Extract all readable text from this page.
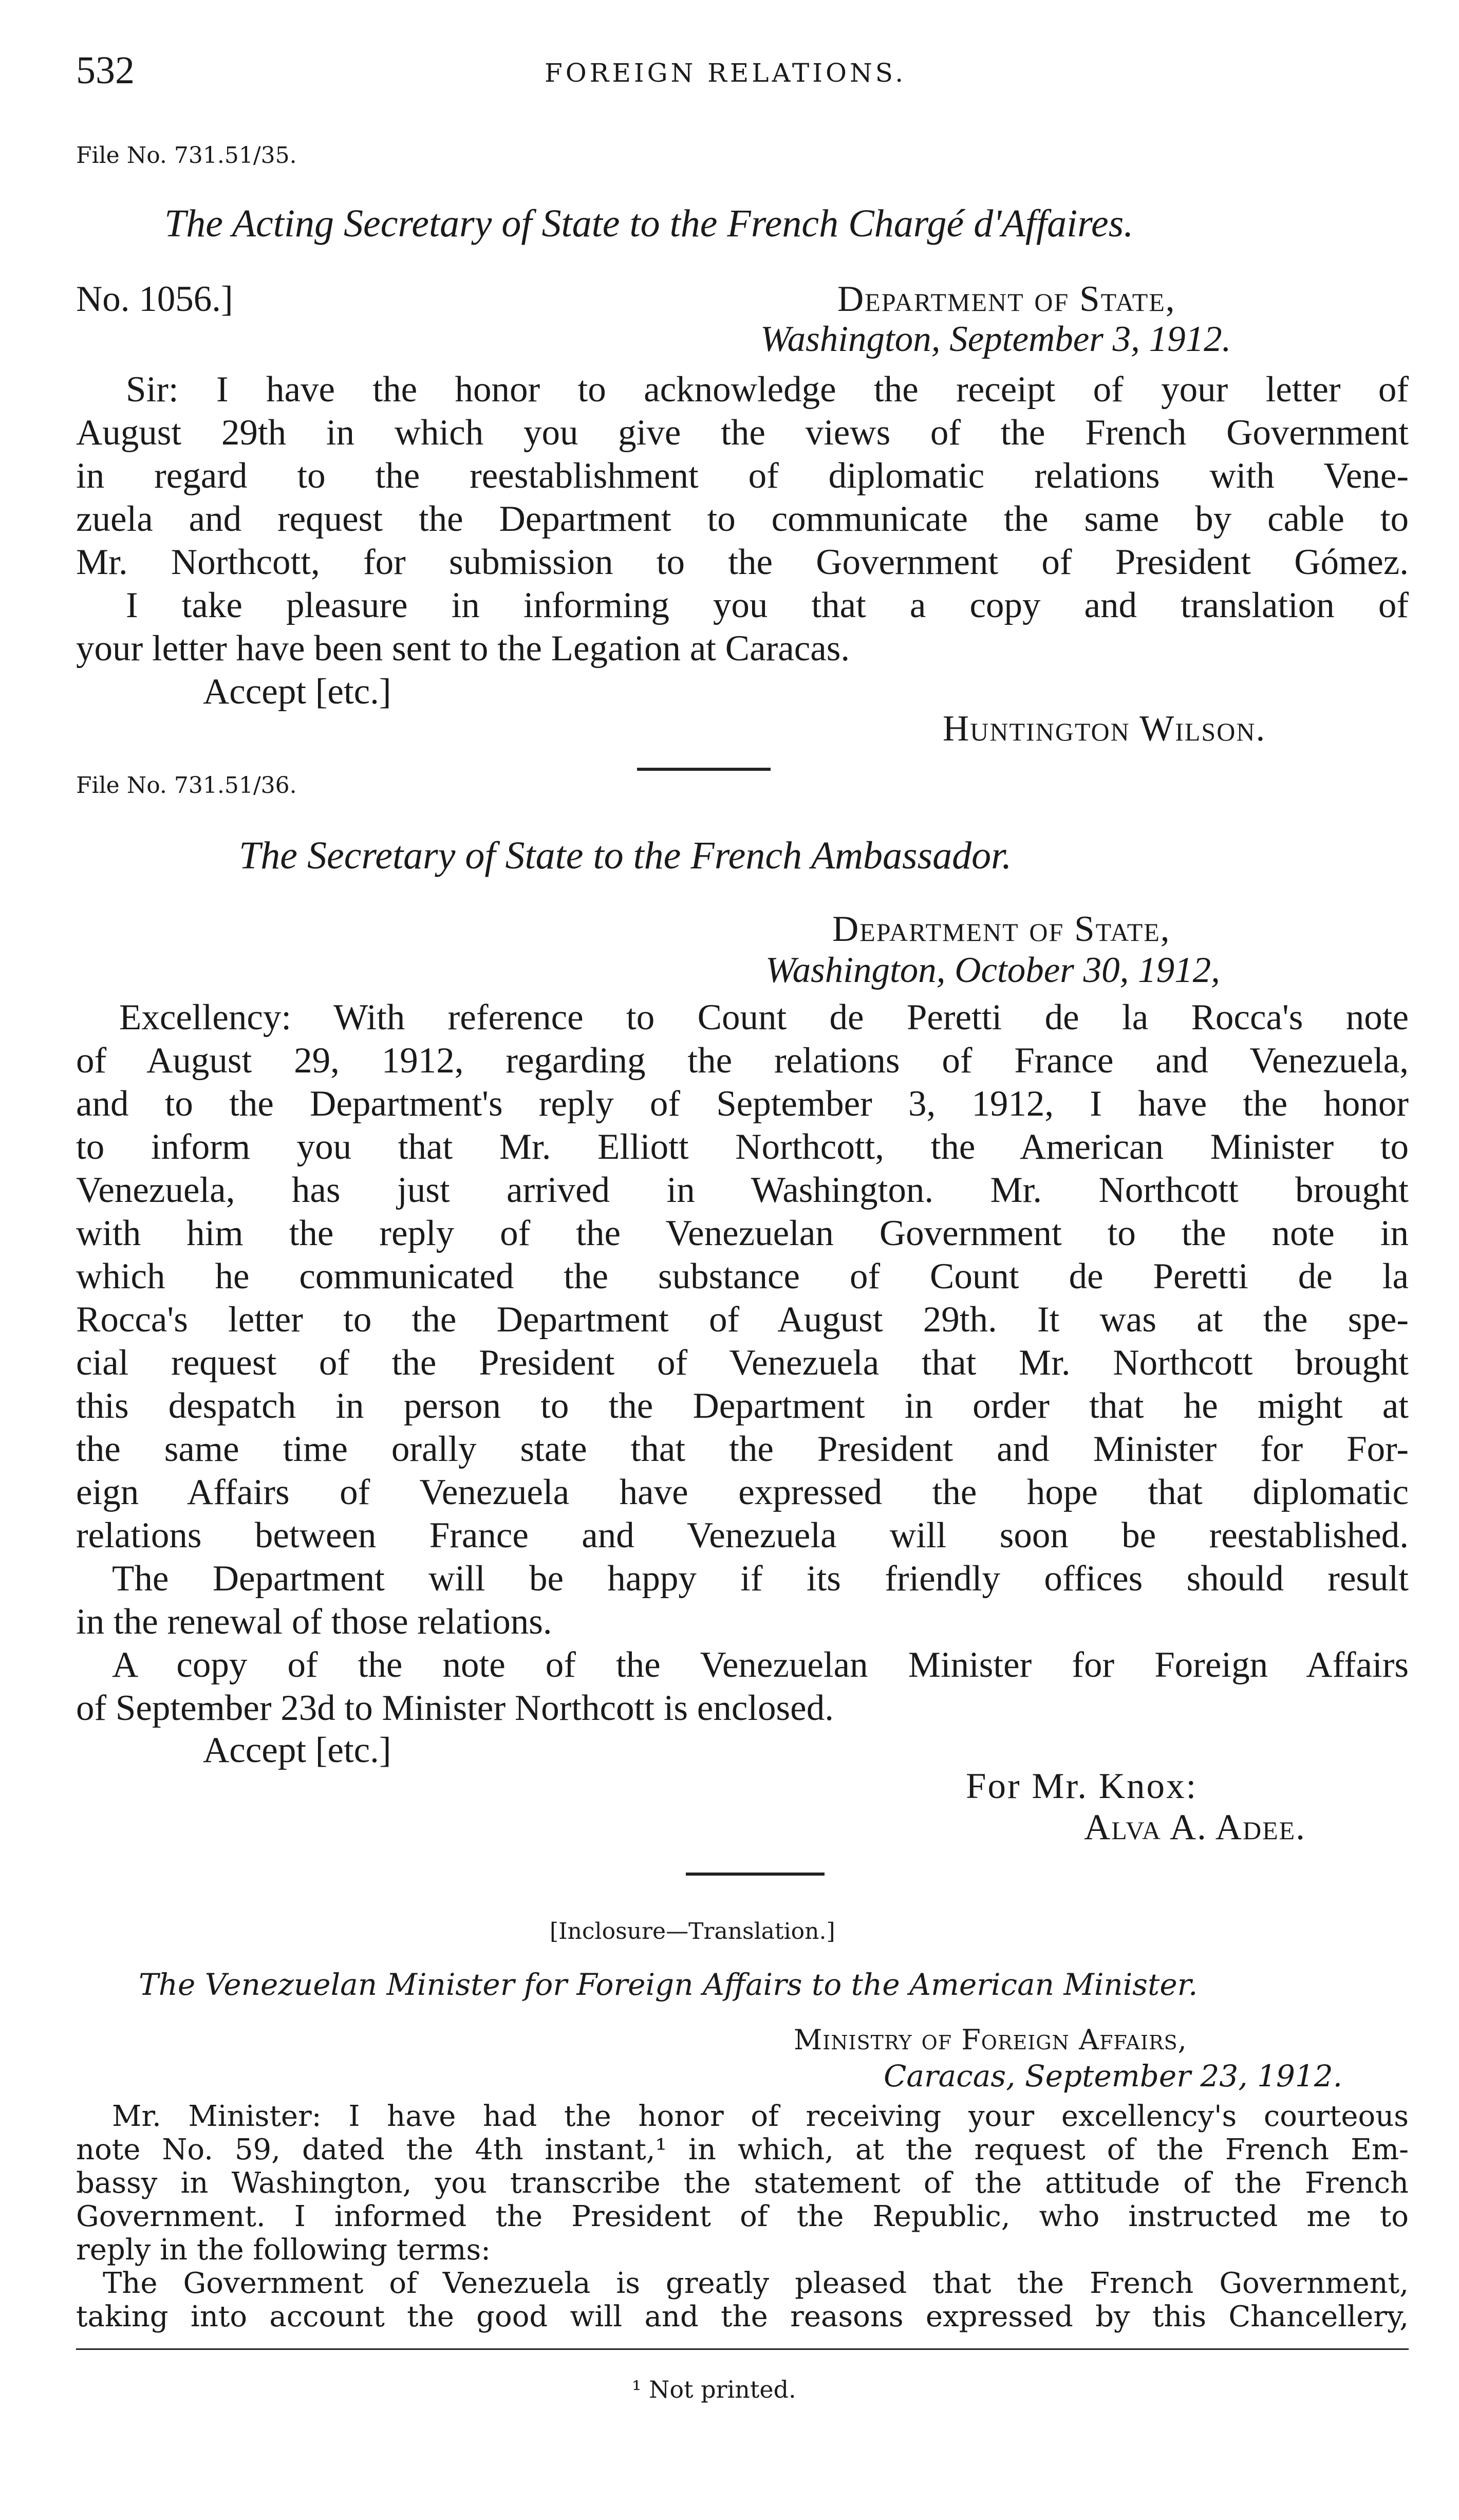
532	FOREIGN RELATIONS.
File No. 731.51/35.
The Acting Secretary of State to the French Chargé d'Affaires.
No. 1056.]	Department of State,
Washington, September 3, 1912.
Sir: I have the honor to acknowledge the receipt of your letter of
August 29th in which you give the views of the French Government
in regard to the reestablishment of diplomatic relations with Vene-
zuela and request the Department to communicate the same by cable to
Mr. Northcott, for submission to the Government of President Gómez.
I take pleasure in informing you that a copy and translation of
your letter have been sent to the Legation at Caracas.
Accept [etc.]
Huntington Wilson.
File No. 731.51/36.
The Secretary of State to the French Ambassador.
Department of State,
Washington, October 30, 1912,
Excellency: With reference to Count de Peretti de la Rocca's note
of August 29, 1912, regarding the relations of France and Venezuela,
and to the Department's reply of September 3, 1912, I have the honor
to inform you that Mr. Elliott Northcott, the American Minister to
Venezuela, has just arrived in Washington. Mr. Northcott brought
with him the reply of the Venezuelan Government to the note in
which he communicated the substance of Count de Peretti de la
Rocca's letter to the Department of August 29th. It was at the spe-
cial request of the President of Venezuela that Mr. Northcott brought
this despatch in person to the Department in order that he might at
the same time orally state that the President and Minister for For-
eign Affairs of Venezuela have expressed the hope that diplomatic
relations between France and Venezuela will soon be reestablished.
The Department will be happy if its friendly offices should result
in the renewal of those relations.
A copy of the note of the Venezuelan Minister for Foreign Affairs
of September 23d to Minister Northcott is enclosed.
Accept [etc.]
For Mr. Knox:
Alva A. Adee.
[Inclosure—Translation.]
The Venezuelan Minister for Foreign Affairs to the American Minister.
Ministry of Foreign Affairs,
Caracas, September 23, 1912.
Mr. Minister: I have had the honor of receiving your excellency's courteous
note No. 59, dated the 4th instant,¹ in which, at the request of the French Em-
bassy in Washington, you transcribe the statement of the attitude of the French
Government. I informed the President of the Republic, who instructed me to
reply in the following terms:
The Government of Venezuela is greatly pleased that the French Government,
taking into account the good will and the reasons expressed by this Chancellery,
¹ Not printed.
